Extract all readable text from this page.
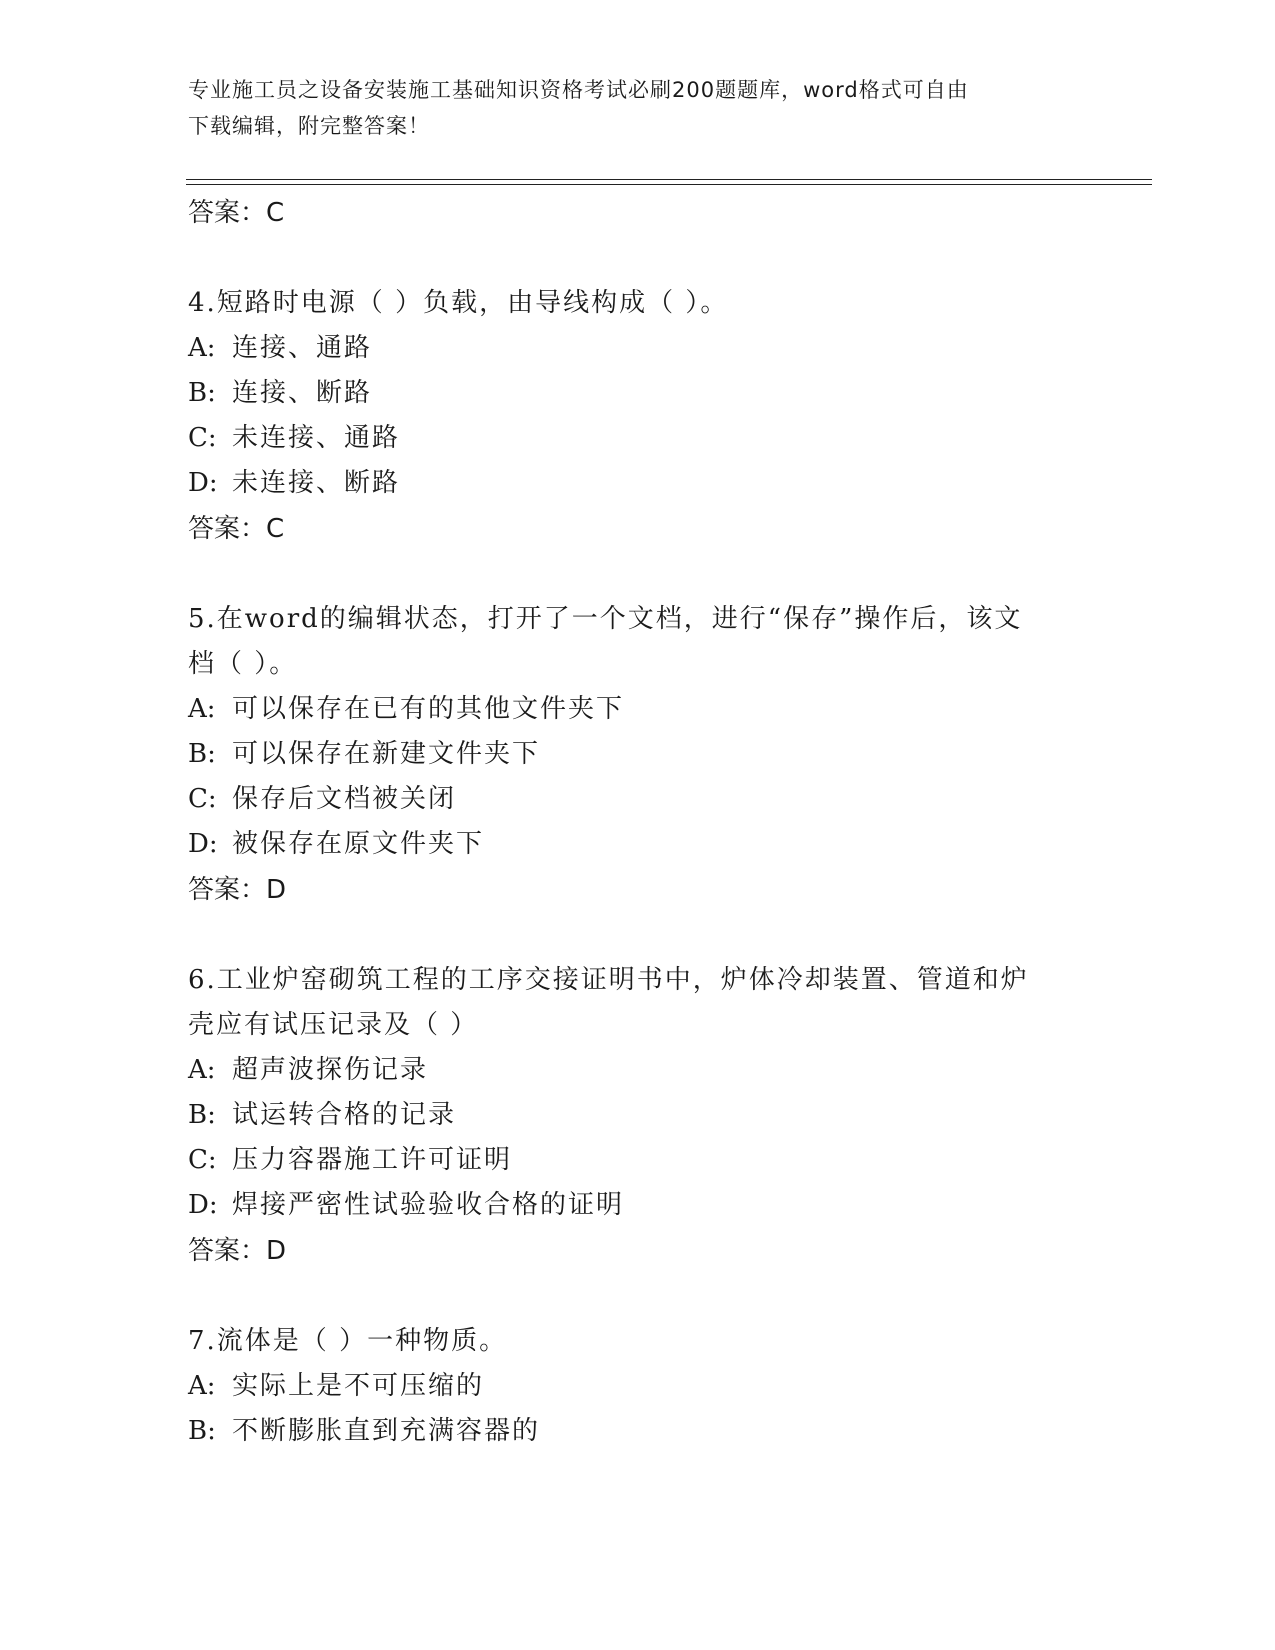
专业施工员之设备安装施工基础知识资格考试必刷200题题库，word格式可自由
下载编辑，附完整答案！
答案：C
4.短路时电源（ ）负载，由导线构成（ ）。
A: 连接、通路
B: 连接、断路
C: 未连接、通路
D: 未连接、断路
答案：C
5.在word的编辑状态，打开了一个文档，进行“保存”操作后，该文
档（ ）。
A: 可以保存在已有的其他文件夹下
B: 可以保存在新建文件夹下
C: 保存后文档被关闭
D: 被保存在原文件夹下
答案：D
6.工业炉窑砌筑工程的工序交接证明书中，炉体冷却装置、管道和炉
壳应有试压记录及（ ）
A: 超声波探伤记录
B: 试运转合格的记录
C: 压力容器施工许可证明
D: 焊接严密性试验验收合格的证明
答案：D
7.流体是（ ）一种物质。
A: 实际上是不可压缩的
B: 不断膨胀直到充满容器的
